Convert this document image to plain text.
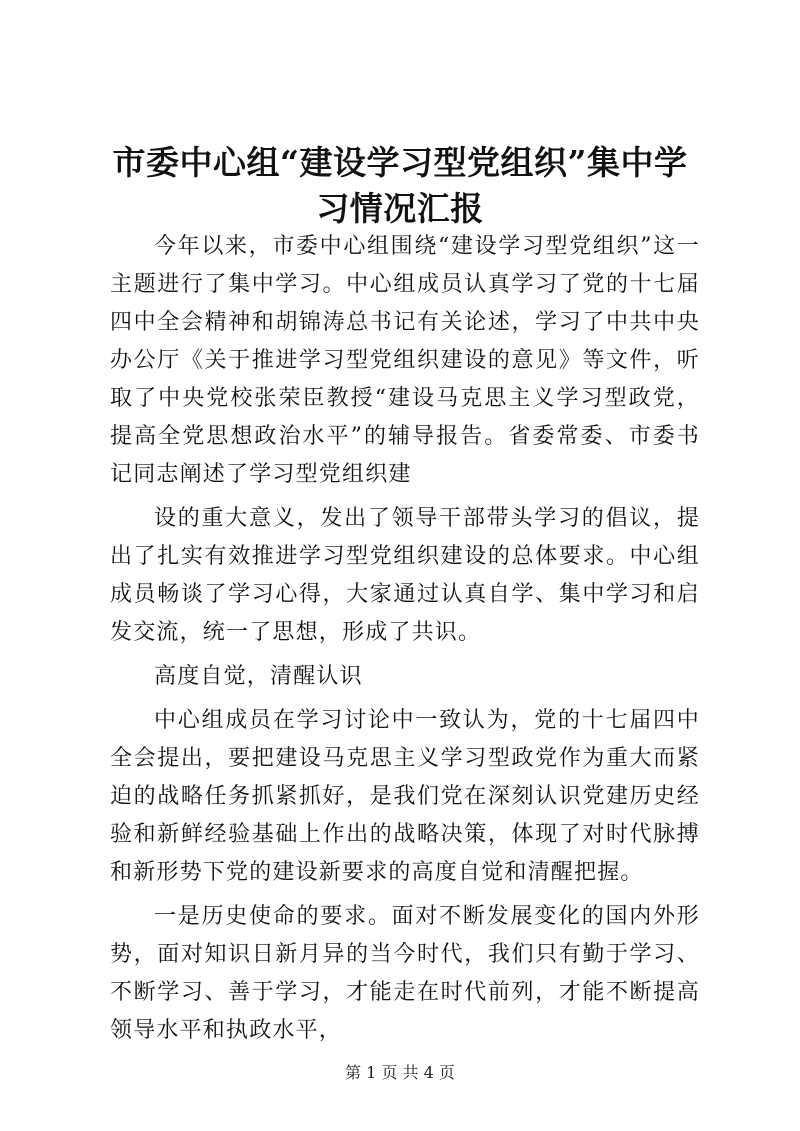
市委中心组“建设学习型党组织”集中学习情况汇报

今年以来，市委中心组围绕“建设学习型党组织”这一主题进行了集中学习。中心组成员认真学习了党的十七届四中全会精神和胡锦涛总书记有关论述，学习了中共中央办公厅《关于推进学习型党组织建设的意见》等文件，听取了中央党校张荣臣教授“建设马克思主义学习型政党，提高全党思想政治水平”的辅导报告。省委常委、市委书记同志阐述了学习型党组织建

设的重大意义，发出了领导干部带头学习的倡议，提出了扎实有效推进学习型党组织建设的总体要求。中心组成员畅谈了学习心得，大家通过认真自学、集中学习和启发交流，统一了思想，形成了共识。

高度自觉，清醒认识

中心组成员在学习讨论中一致认为，党的十七届四中全会提出，要把建设马克思主义学习型政党作为重大而紧迫的战略任务抓紧抓好，是我们党在深刻认识党建历史经验和新鲜经验基础上作出的战略决策，体现了对时代脉搏和新形势下党的建设新要求的高度自觉和清醒把握。

一是历史使命的要求。面对不断发展变化的国内外形势，面对知识日新月异的当今时代，我们只有勤于学习、不断学习、善于学习，才能走在时代前列，才能不断提高领导水平和执政水平，

第 1 页 共 4 页
